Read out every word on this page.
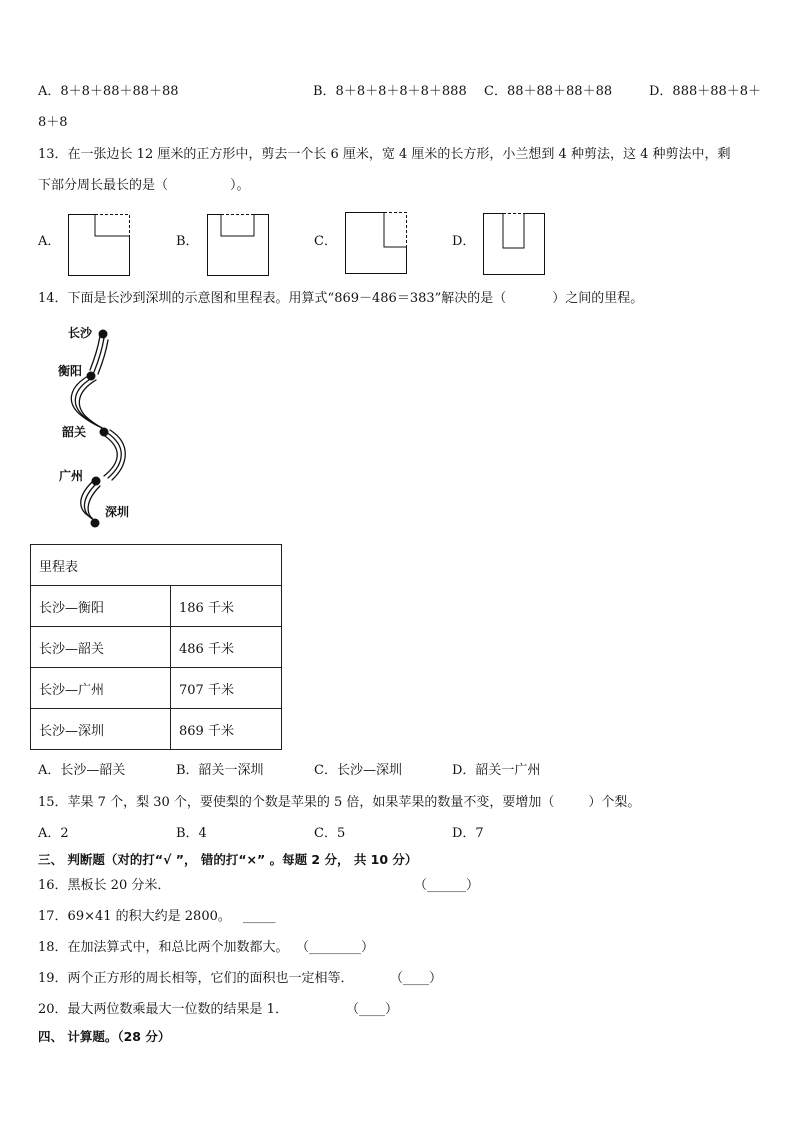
A．8＋8＋88＋88＋88	B．8＋8＋8＋8＋8＋888 C．88＋88＋88＋88	D．888＋88＋8＋
8＋8
13．在一张边长 12 厘米的正方形中，剪去一个长 6 厘米，宽 4 厘米的长方形，小兰想到 4 种剪法，这 4 种剪法中，剩
下部分周长最长的是（	）。
A．	B．	C．	D．
14．下面是长沙到深圳的示意图和里程表。用算式“869－486＝383”解决的是（	）之间的里程。
长沙
衡阳
韶关
广州
深圳
里程表	
长沙—衡阳	186 千米
长沙—韶关	486 千米
长沙—广州	707 千米
长沙—深圳	869 千米
A．长沙—韶关	B．韶关一深圳	C．长沙—深圳	D．韶关一广州
15．苹果 7 个，梨 30 个，要使梨的个数是苹果的 5 倍，如果苹果的数量不变，要增加（	）个梨。
A．2	B．4	C．5	D．7
三、 判断题（对的打“√ ”， 错的打“×” 。每题 2 分， 共 10 分）
16．黑板长 20 分米．	（______）
17．69×41 的积大约是 2800。 _____
18．在加法算式中，和总比两个加数都大。 （________）
19．两个正方形的周长相等，它们的面积也一定相等．	（____）
20．最大两位数乘最大一位数的结果是 1．	（____）
四、 计算题。（28 分）
